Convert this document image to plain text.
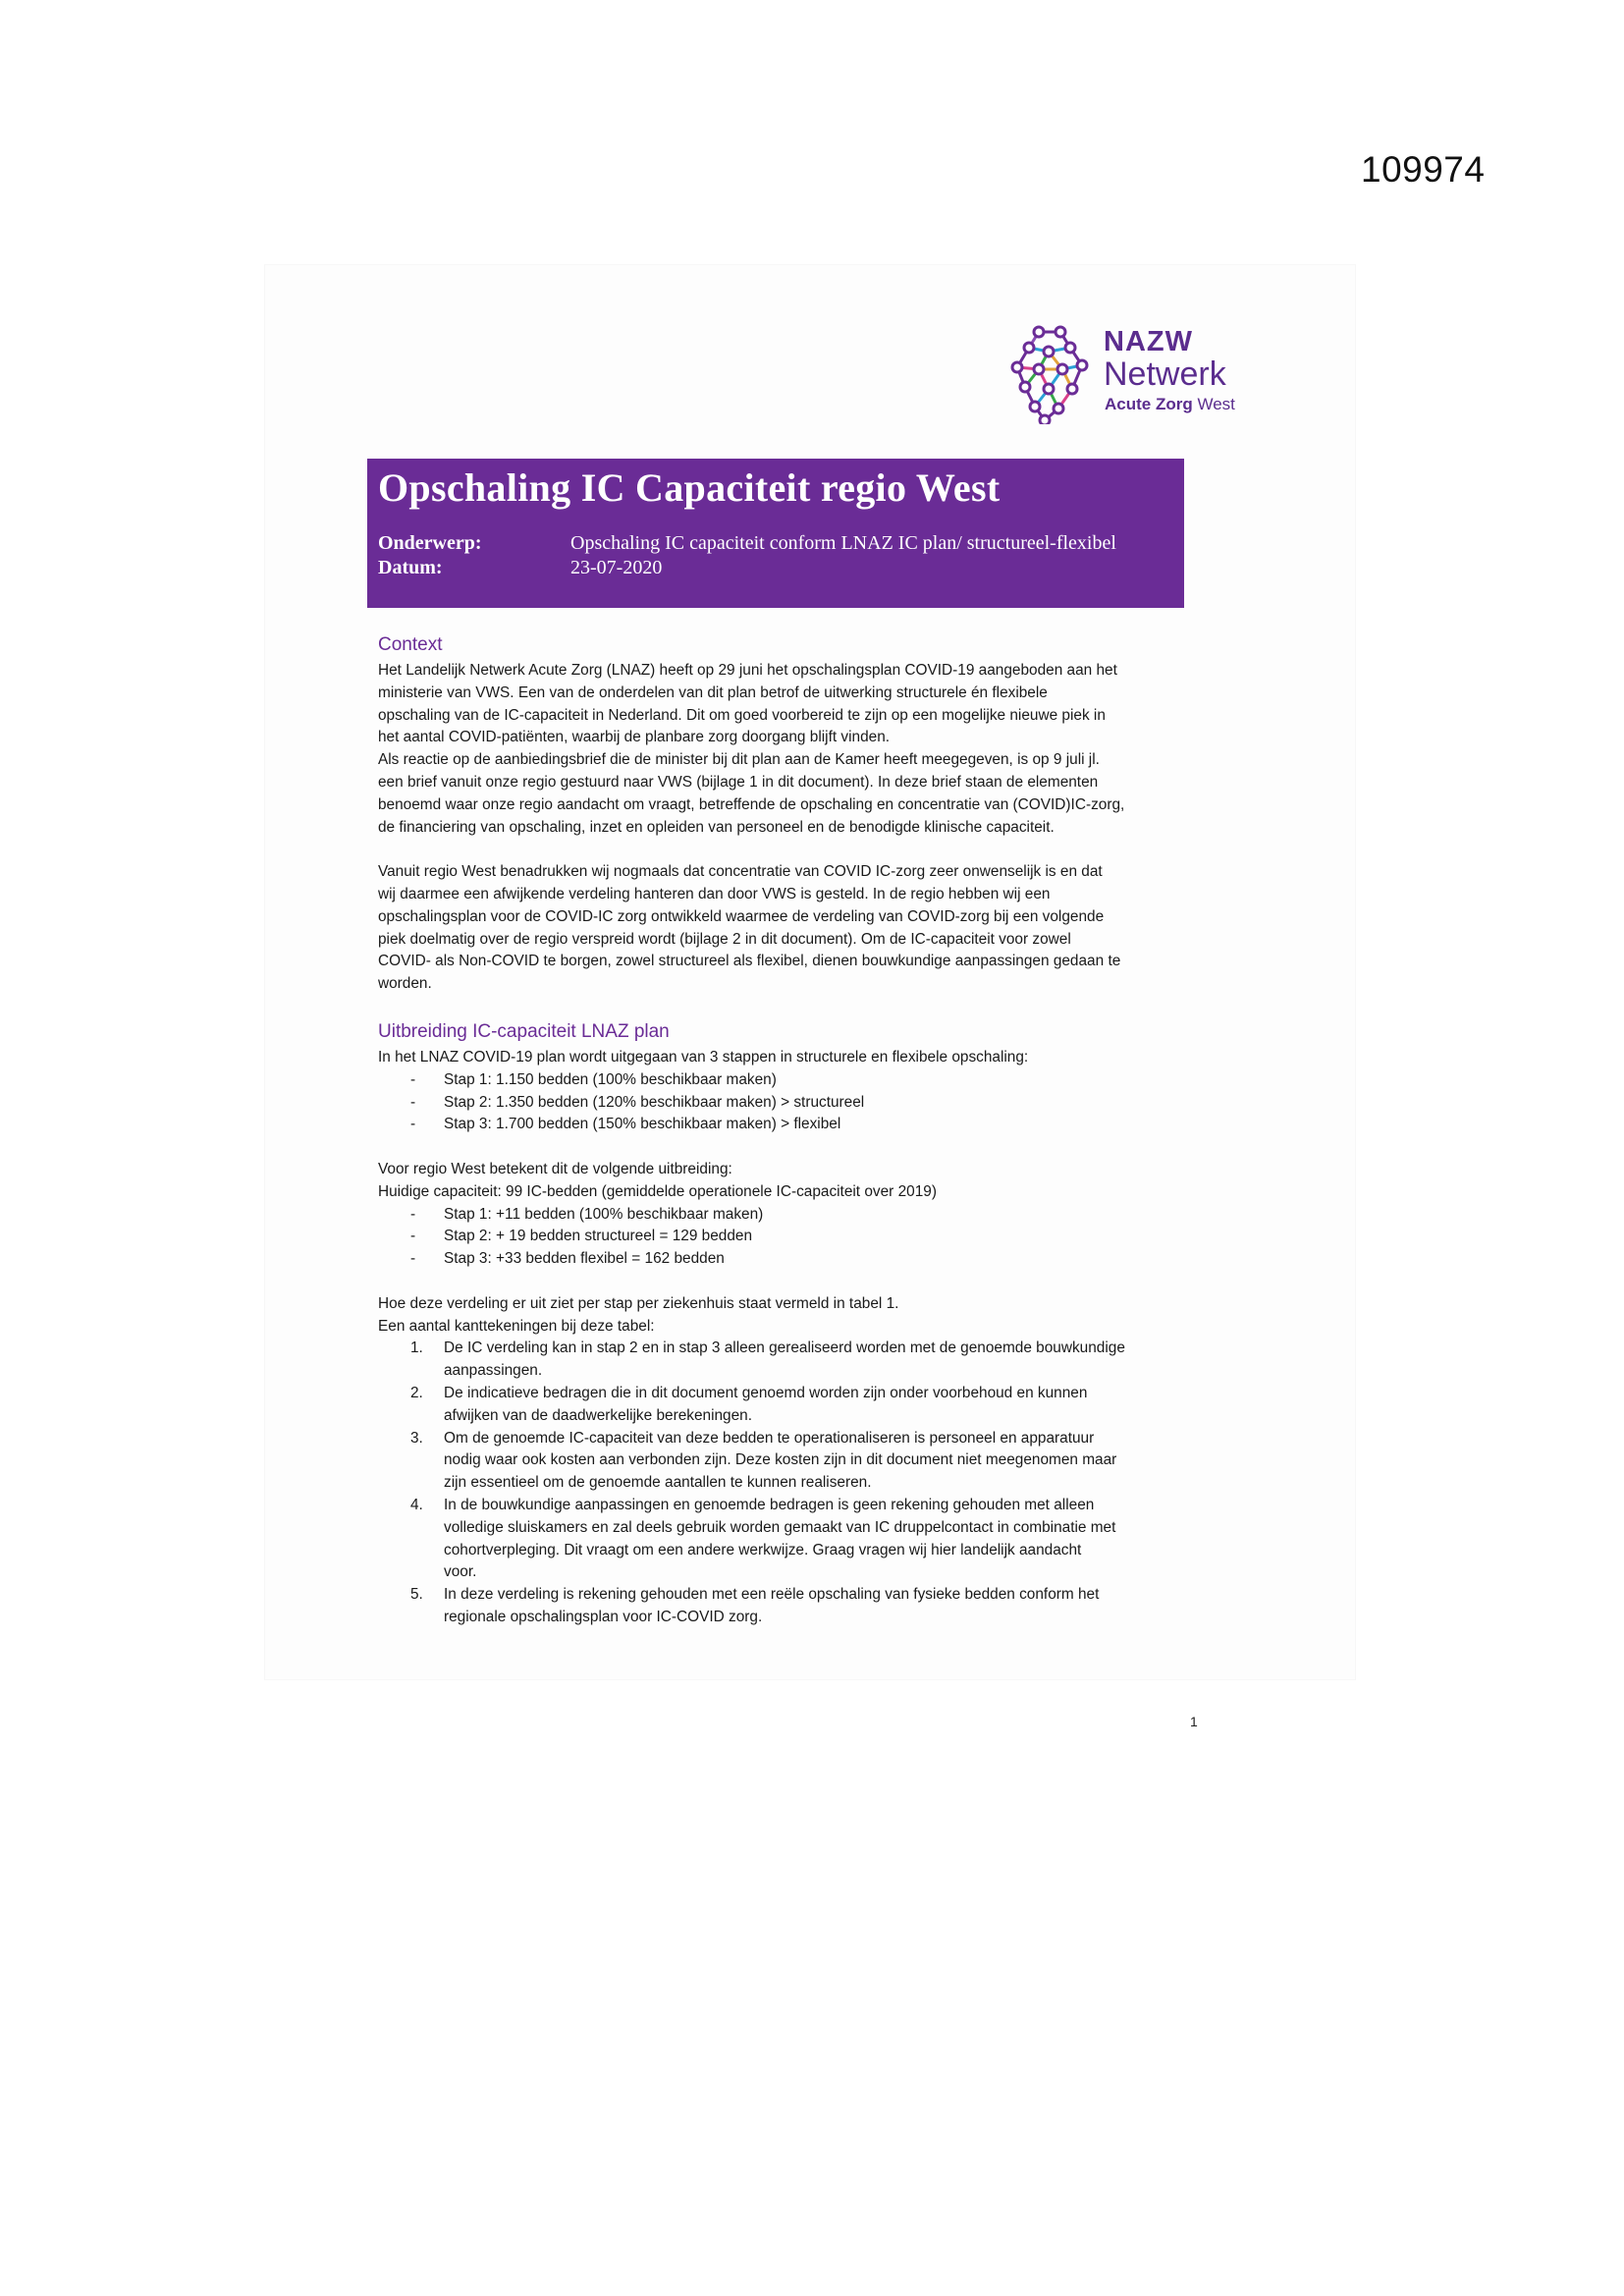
109974
NAZW
Netwerk
Acute Zorg West
Opschaling IC Capaciteit regio West
Onderwerp:	Opschaling IC capaciteit conform LNAZ IC plan/ structureel-flexibel
Datum:	23-07-2020
Context

Het Landelijk Netwerk Acute Zorg (LNAZ) heeft op 29 juni het opschalingsplan COVID-19 aangeboden aan het

ministerie van VWS. Een van de onderdelen van dit plan betrof de uitwerking structurele én flexibele

opschaling van de IC-capaciteit in Nederland. Dit om goed voorbereid te zijn op een mogelijke nieuwe piek in

het aantal COVID-patiënten, waarbij de planbare zorg doorgang blijft vinden.

Als reactie op de aanbiedingsbrief die de minister bij dit plan aan de Kamer heeft meegegeven, is op 9 juli jl.

een brief vanuit onze regio gestuurd naar VWS (bijlage 1 in dit document). In deze brief staan de elementen

benoemd waar onze regio aandacht om vraagt, betreffende de opschaling en concentratie van (COVID)IC-zorg,

de financiering van opschaling, inzet en opleiden van personeel en de benodigde klinische capaciteit.

Vanuit regio West benadrukken wij nogmaals dat concentratie van COVID IC-zorg zeer onwenselijk is en dat

wij daarmee een afwijkende verdeling hanteren dan door VWS is gesteld. In de regio hebben wij een

opschalingsplan voor de COVID-IC zorg ontwikkeld waarmee de verdeling van COVID-zorg bij een volgende

piek doelmatig over de regio verspreid wordt (bijlage 2 in dit document). Om de IC-capaciteit voor zowel

COVID- als Non-COVID te borgen, zowel structureel als flexibel, dienen bouwkundige aanpassingen gedaan te

worden.

Uitbreiding IC-capaciteit LNAZ plan

In het LNAZ COVID-19 plan wordt uitgegaan van 3 stappen in structurele en flexibele opschaling:

- Stap 1: 1.150 bedden (100% beschikbaar maken)
- Stap 2: 1.350 bedden (120% beschikbaar maken) > structureel
- Stap 3: 1.700 bedden (150% beschikbaar maken) > flexibel

Voor regio West betekent dit de volgende uitbreiding:

Huidige capaciteit: 99 IC-bedden (gemiddelde operationele IC-capaciteit over 2019)

- Stap 1: +11 bedden (100% beschikbaar maken)
- Stap 2: + 19 bedden structureel = 129 bedden
- Stap 3: +33 bedden flexibel = 162 bedden

Hoe deze verdeling er uit ziet per stap per ziekenhuis staat vermeld in tabel 1.

Een aantal kanttekeningen bij deze tabel:

1. De IC verdeling kan in stap 2 en in stap 3 alleen gerealiseerd worden met de genoemde bouwkundige
aanpassingen.
2. De indicatieve bedragen die in dit document genoemd worden zijn onder voorbehoud en kunnen
afwijken van de daadwerkelijke berekeningen.
3. Om de genoemde IC-capaciteit van deze bedden te operationaliseren is personeel en apparatuur
nodig waar ook kosten aan verbonden zijn. Deze kosten zijn in dit document niet meegenomen maar
zijn essentieel om de genoemde aantallen te kunnen realiseren.
4. In de bouwkundige aanpassingen en genoemde bedragen is geen rekening gehouden met alleen
volledige sluiskamers en zal deels gebruik worden gemaakt van IC druppelcontact in combinatie met
cohortverpleging. Dit vraagt om een andere werkwijze. Graag vragen wij hier landelijk aandacht
voor.
5. In deze verdeling is rekening gehouden met een reële opschaling van fysieke bedden conform het
regionale opschalingsplan voor IC-COVID zorg.
1
